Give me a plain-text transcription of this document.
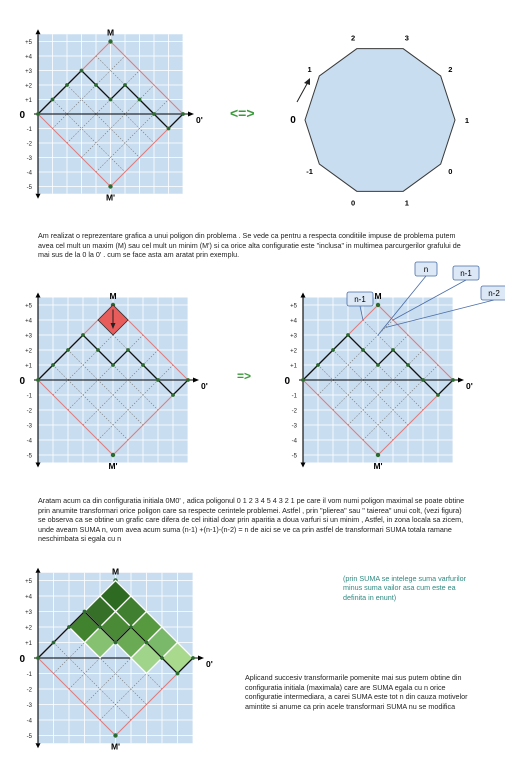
+5
+4
+3
+2
+1
-1
-2
-3
-4
-5
M
M'
0	0' <=>	0
1
2	3
2
1
0
1
0
-1

Am realizat o reprezentare grafica a unui poligon din problema . Se vede ca pentru a respecta conditiile impuse de problema putem avea cel mult un maxim (M) sau cel mult un minim (M') si ca orice alta configuratie este "inclusa" in multimea parcurgerilor grafului de mai sus de la 0 la 0' . cum se face asta am aratat prin exemplu.

+5
+4
+3
+2
+1
-1
-2
-3
-4
-5
M
M'
0	0'
=>
+5
+4
+3
+2
+1
-1
-2
-3
-4
-5
M
M'
0	0'
n-1
n	n-1
n-2

Aratam acum ca din configuratia initiala 0M0' , adica poligonul 0 1 2 3 4 5 4 3 2 1 pe care il vom numi poligon maximal se poate obtine prin anumite transformari orice poligon care sa respecte cerintele problemei. Astfel , prin "plierea" sau " taierea" unui colt, (vezi figura) se observa ca se obtine un grafic care difera de cel initial doar prin aparitia a doua varfuri si un minim , Astfel, in zona locala sa zicem, unde aveam SUMA n, vom avea acum suma (n-1) +(n-1)-(n-2) = n de aici se ve ca prin astfel de transformari SUMA totala ramane neschimbata si egala cu n

+5
+4
+3
+2
+1
-1
-2
-3
-4
-5
M
M'
0	0'

(prin SUMA se intelege suma varfurilor minus suma vailor asa cum este ea definita in enunt)

Aplicand succesiv transformarile pomenite mai sus putem obtine din configuratia initiala (maximala) care are SUMA egala cu n orice configuratie intermediara, a carei SUMA este tot n din cauza motivelor amintite si anume ca prin acele transformari SUMA nu se modifica
